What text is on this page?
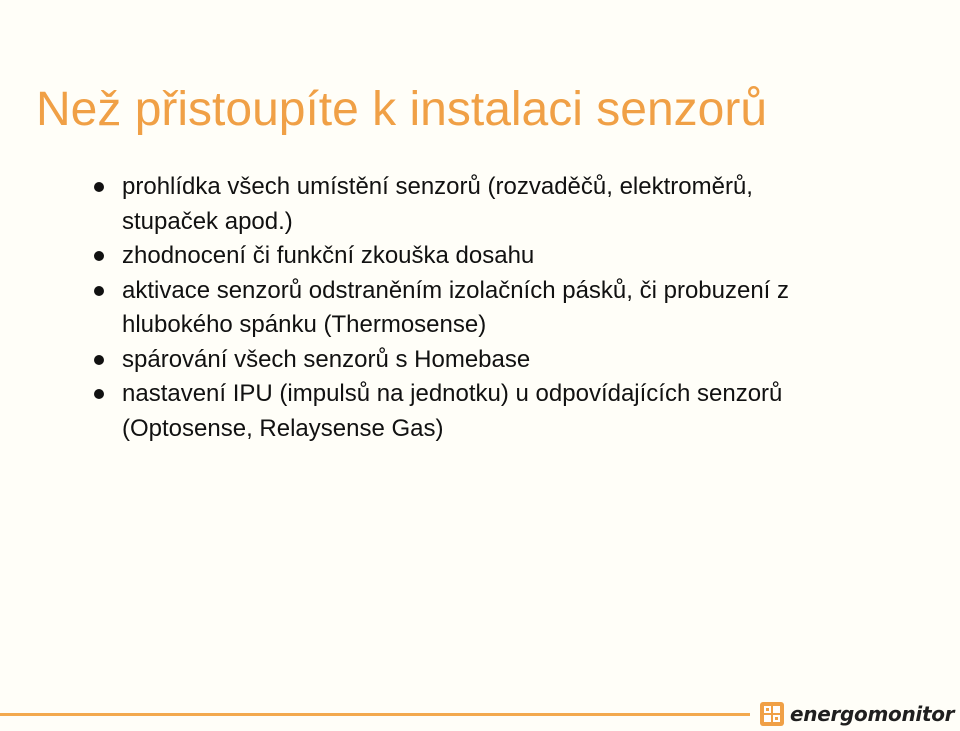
Než přistoupíte k instalaci senzorů
prohlídka všech umístění senzorů (rozvaděčů, elektroměrů, stupaček apod.)
zhodnocení či funkční zkouška dosahu
aktivace senzorů odstraněním izolačních pásků, či probuzení z hlubokého spánku (Thermosense)
spárování všech senzorů s Homebase
nastavení IPU (impulsů na jednotku) u odpovídajících senzorů (Optosense, Relaysense Gas)
energomonitor
